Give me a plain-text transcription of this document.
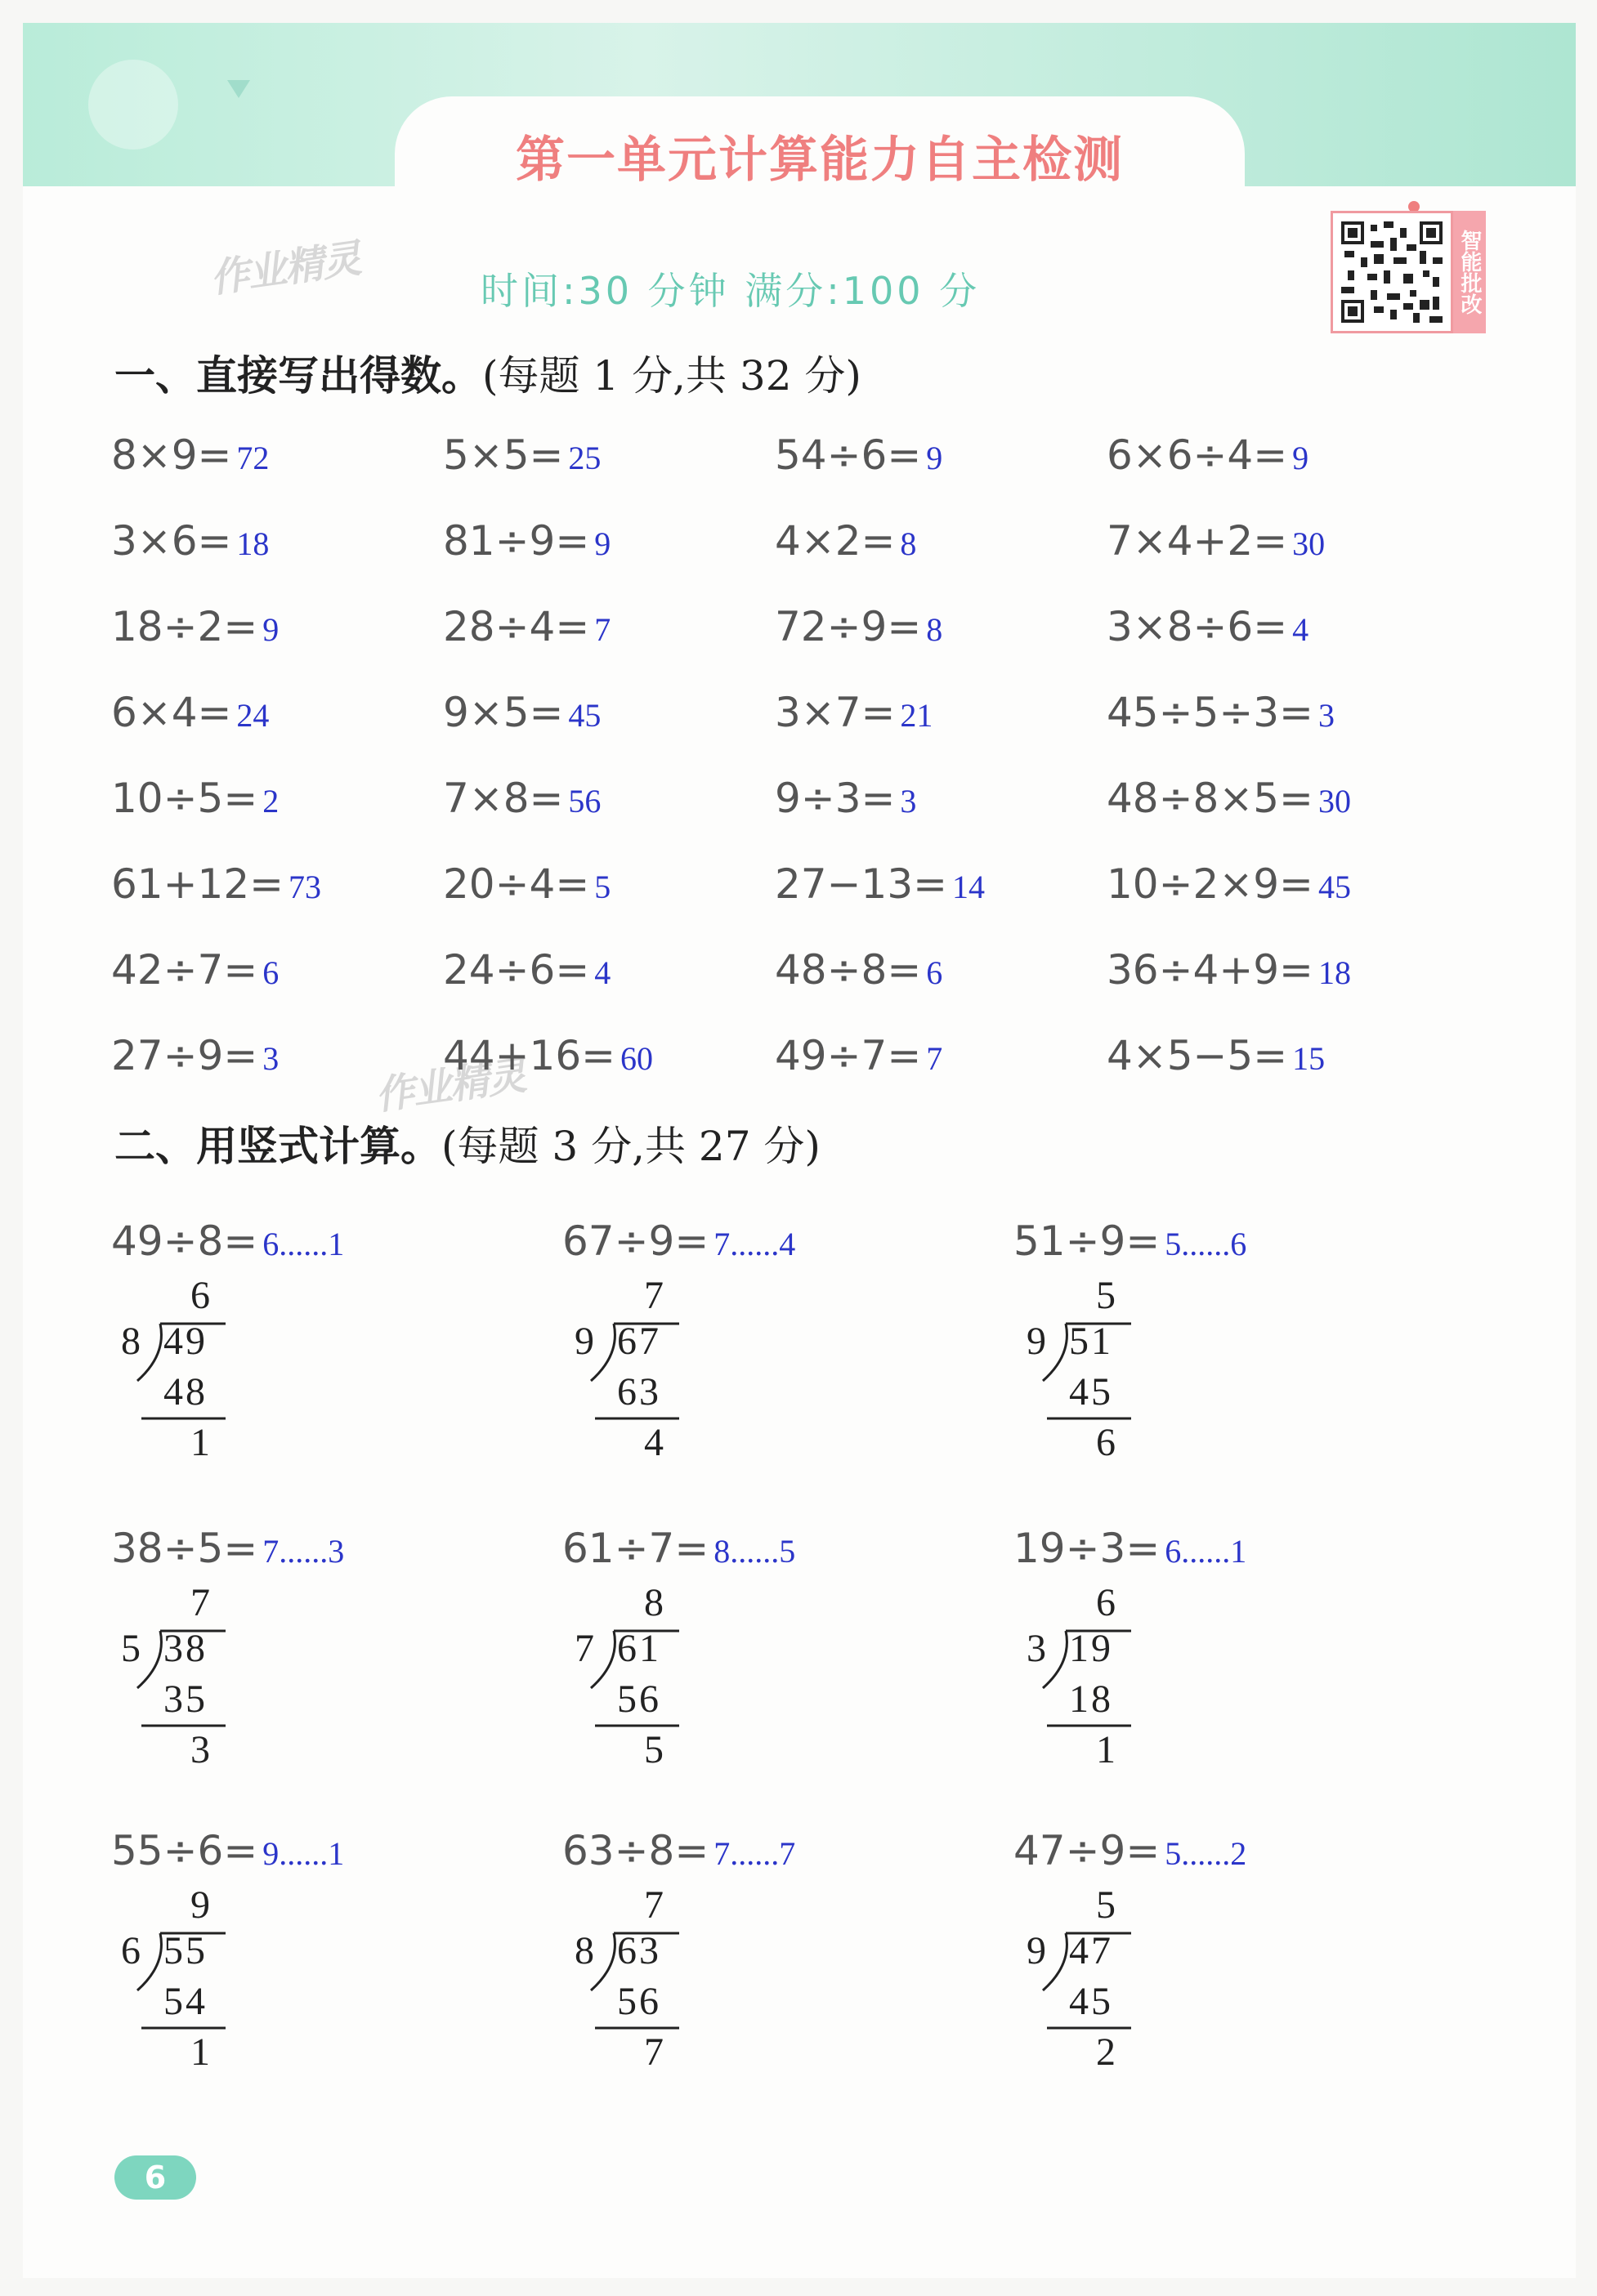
第一单元计算能力自主检测
作业精灵
作业精灵
时间:30 分钟 满分:100 分	智能批改
一、直接写出得数。(每题 1 分,共 32 分)
8×9= 72	5×5= 25	54÷6= 9	6×6÷4= 9
3×6= 18	81÷9= 9	4×2= 8	7×4+2= 30
18÷2= 9	28÷4= 7	72÷9= 8	3×8÷6= 4
6×4= 24	9×5= 45	3×7= 21	45÷5÷3= 3
10÷5= 2	7×8= 56	9÷3= 3	48÷8×5= 30
61+12= 73	20÷4= 5	27−13= 14	10÷2×9= 45
42÷7= 6	24÷6= 4	48÷8= 6	36÷4+9= 18
27÷9= 3	44+16= 60	49÷7= 7	4×5−5= 15
二、用竖式计算。(每题 3 分,共 27 分)
49÷8= 6......1
6
8 49
48
1
67÷9= 7......4
7
9 67
63
4
51÷9= 5......6
5
9 51
45
6
38÷5= 7......3
7
5 38
35
3
61÷7= 8......5
8
7 61
56
5
19÷3= 6......1
6
3 19
18
1
55÷6= 9......1
9
6 55
54
1
63÷8= 7......7
7
8 63
56
7
47÷9= 5......2
5
9 47
45
2
6
